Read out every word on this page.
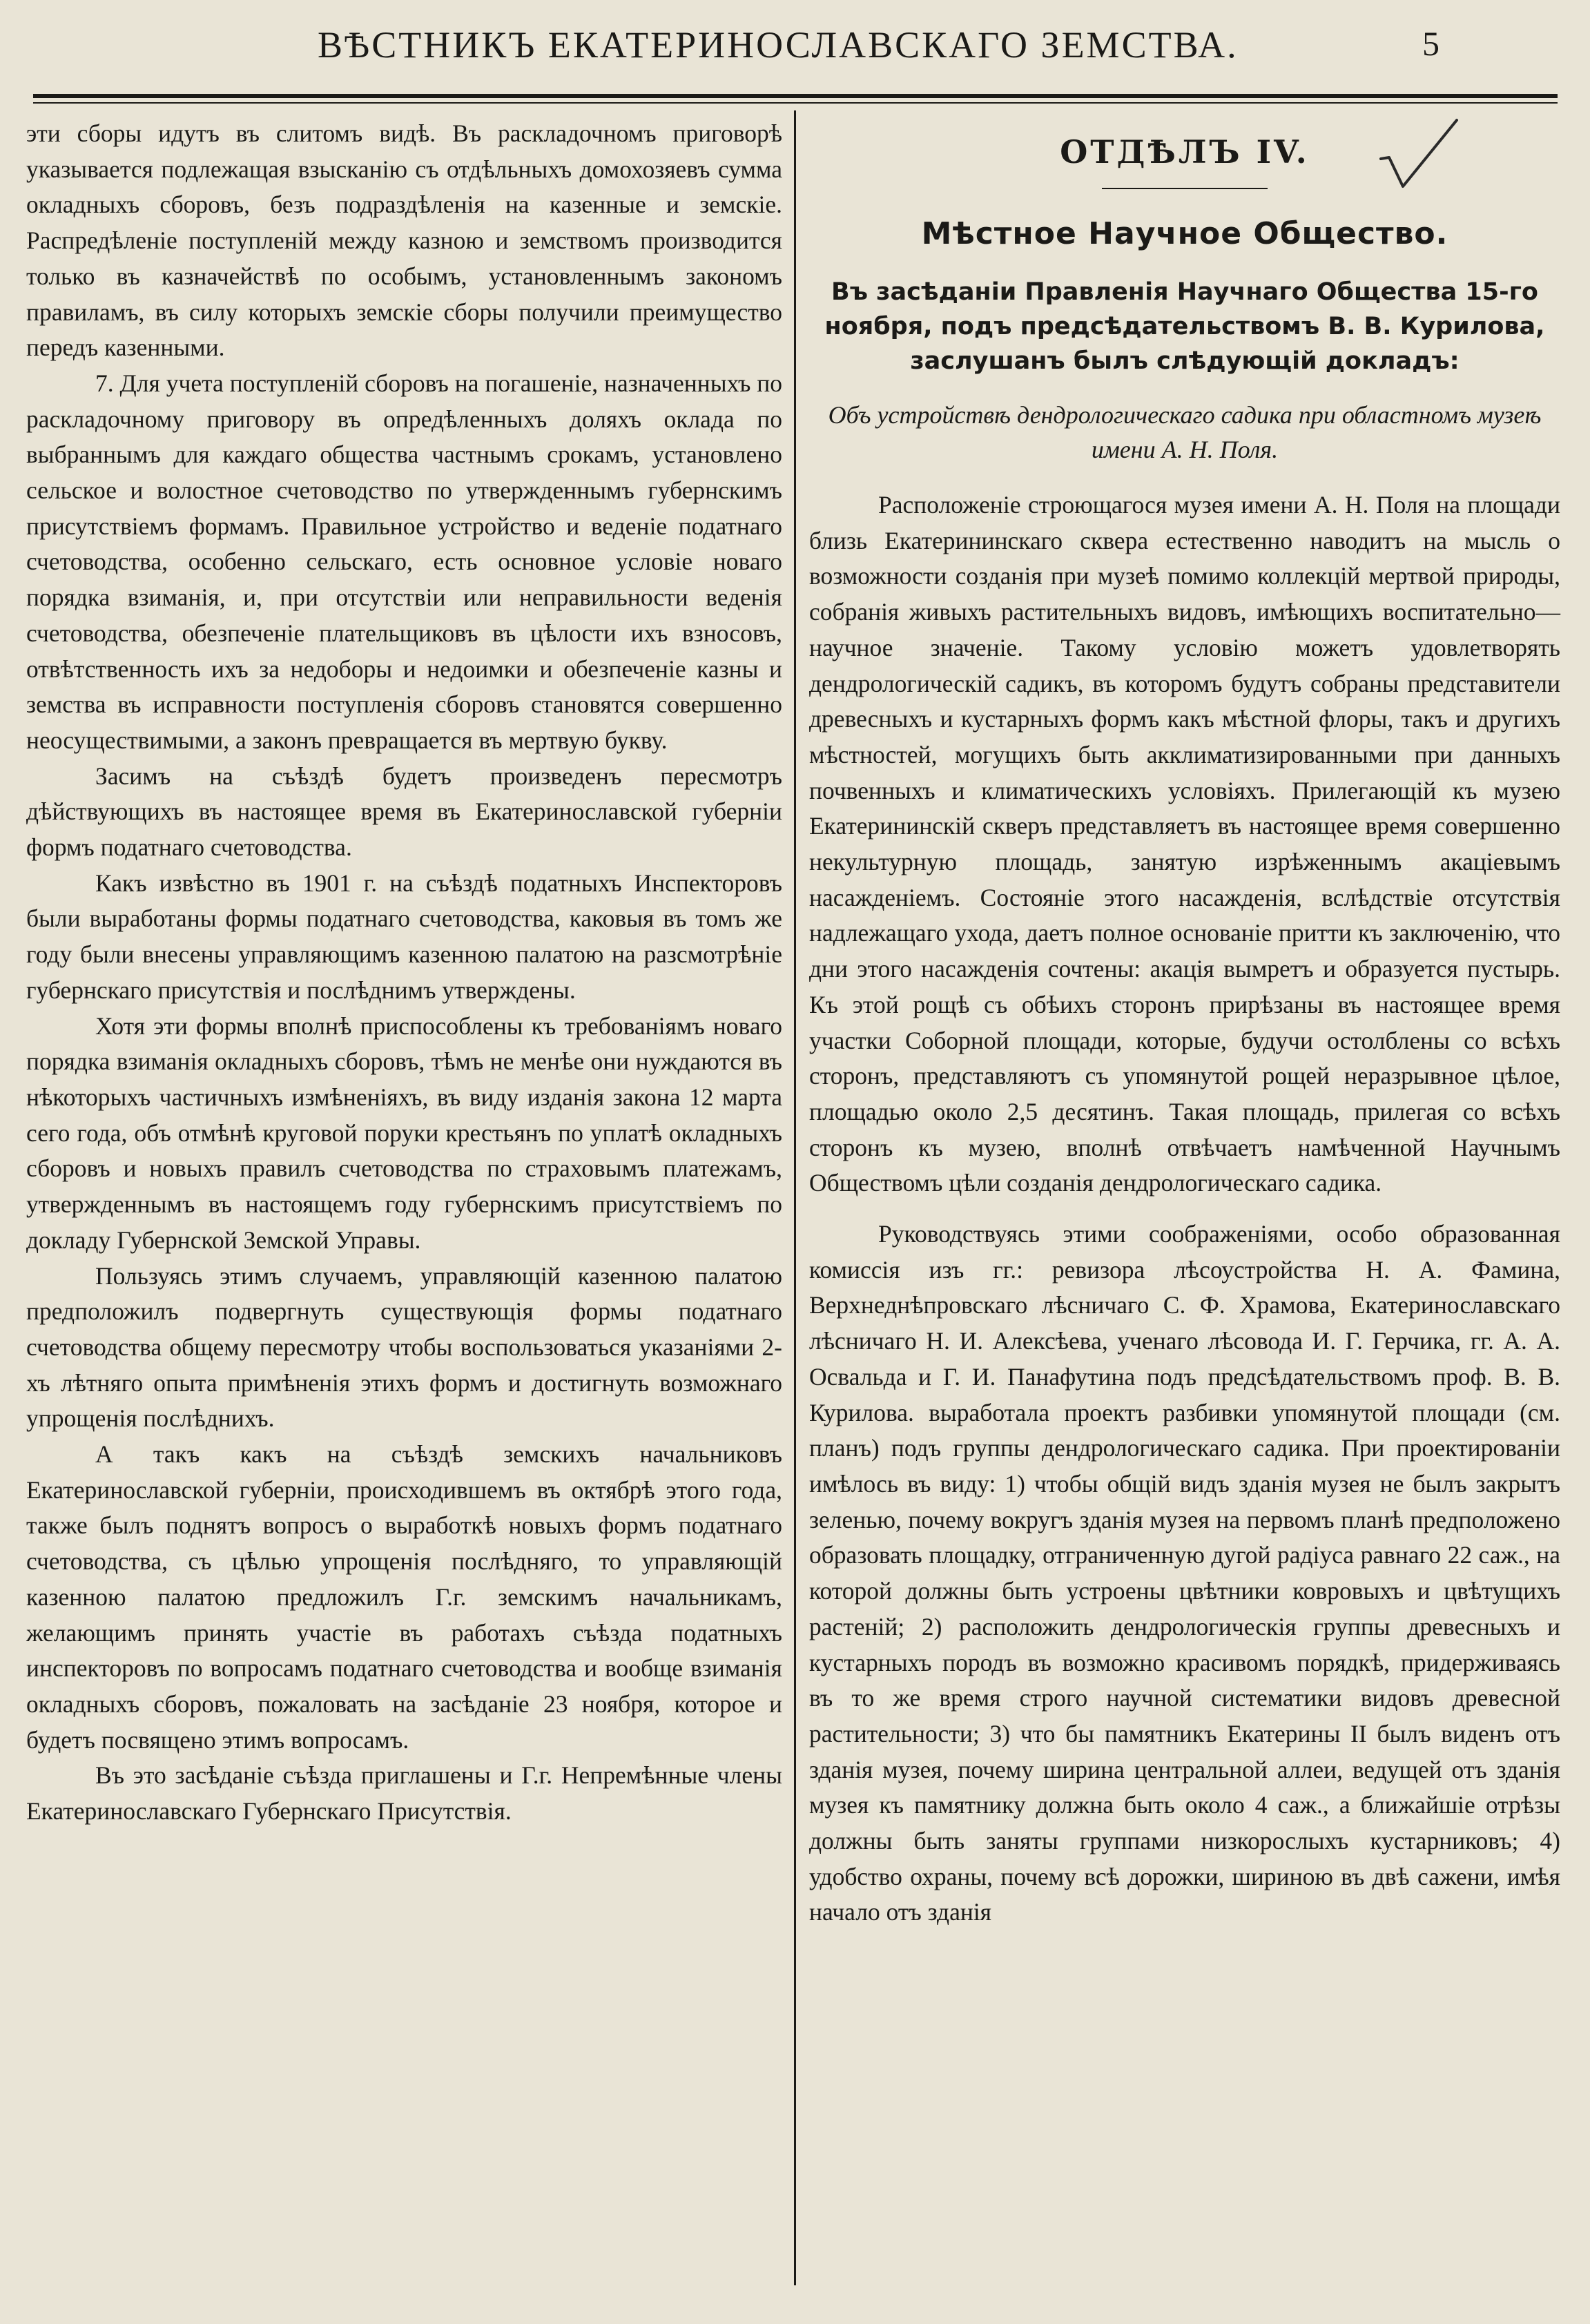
ВѢСТНИКЪ ЕКАТЕРИНОСЛАВСКАГО ЗЕМСТВА.	5

эти сборы идутъ въ слитомъ видѣ. Въ раскладочномъ приговорѣ указывается подлежащая взысканію съ отдѣльныхъ домохозяевъ сумма окладныхъ сборовъ, безъ подраздѣленія на казенные и земскіе. Распредѣленіе поступленій между казною и земствомъ производится только въ казначействѣ по особымъ, установленнымъ закономъ правиламъ, въ силу которыхъ земскіе сборы получили преимущество передъ казенными.

7. Для учета поступленій сборовъ на погашеніе, назначенныхъ по раскладочному приговору въ опредѣленныхъ доляхъ оклада по выбраннымъ для каждаго общества частнымъ срокамъ, установлено сельское и волостное счетоводство по утвержденнымъ губернскимъ присутствіемъ формамъ. Правильное устройство и веденіе податнаго счетоводства, особенно сельскаго, есть основное условіе новаго порядка взиманія, и, при отсутствіи или неправильности веденія счетоводства, обезпеченіе плательщиковъ въ цѣлости ихъ взносовъ, отвѣтственность ихъ за недоборы и недоимки и обезпеченіе казны и земства въ исправности поступленія сборовъ становятся совершенно неосуществимыми, а законъ превращается въ мертвую букву.

Засимъ на съѣздѣ будетъ произведенъ пересмотръ дѣйствующихъ въ настоящее время въ Екатеринославской губерніи формъ податнаго счетоводства.

Какъ извѣстно въ 1901 г. на съѣздѣ податныхъ Инспекторовъ были выработаны формы податнаго счетоводства, каковыя въ томъ же году были внесены управляющимъ казенною палатою на разсмотрѣніе губернскаго присутствія и послѣднимъ утверждены.

Хотя эти формы вполнѣ приспособлены къ требованіямъ новаго порядка взиманія окладныхъ сборовъ, тѣмъ не менѣе они нуждаются въ нѣкоторыхъ частичныхъ измѣненіяхъ, въ виду изданія закона 12 марта сего года, объ отмѣнѣ круговой поруки крестьянъ по уплатѣ окладныхъ сборовъ и новыхъ правилъ счетоводства по страховымъ платежамъ, утвержденнымъ въ настоящемъ году губернскимъ присутствіемъ по докладу Губернской Земской Управы.

Пользуясь этимъ случаемъ, управляющій казенною палатою предположилъ подвергнуть существующія формы податнаго счетоводства общему пересмотру чтобы воспользоваться указаніями 2-хъ лѣтняго опыта примѣненія этихъ формъ и достигнуть возможнаго упрощенія послѣднихъ.

А такъ какъ на съѣздѣ земскихъ начальниковъ Екатеринославской губерніи, происходившемъ въ октябрѣ этого года, также былъ поднятъ вопросъ о выработкѣ новыхъ формъ податнаго счетоводства, съ цѣлью упрощенія послѣдняго, то управляющій казенною палатою предложилъ Г.г. земскимъ начальникамъ, желающимъ принять участіе въ работахъ съѣзда податныхъ инспекторовъ по вопросамъ податнаго счетоводства и вообще взиманія окладныхъ сборовъ, пожаловать на засѣданіе 23 ноября, которое и будетъ посвящено этимъ вопросамъ.

Въ это засѣданіе съѣзда приглашены и Г.г. Непремѣнные члены Екатеринославскаго Губернскаго Присутствія.

ОТДѢЛЪ IV.
Мѣстное Научное Общество.
Въ засѣданіи Правленія Научнаго Общества 15-го ноября, подъ предсѣдательствомъ В. В. Курилова, заслушанъ былъ слѣдующій докладъ:
Объ устройствѣ дендрологическаго садика при областномъ музеѣ имени А. Н. Поля.

Расположеніе строющагося музея имени А. Н. Поля на площади близь Екатерининскаго сквера естественно наводитъ на мысль о возможности созданія при музеѣ помимо коллекцій мертвой природы, собранія живыхъ растительныхъ видовъ, имѣющихъ воспитательно—научное значеніе. Такому условію можетъ удовлетворять дендрологическій садикъ, въ которомъ будутъ собраны представители древесныхъ и кустарныхъ формъ какъ мѣстной флоры, такъ и другихъ мѣстностей, могущихъ быть акклиматизированными при данныхъ почвенныхъ и климатическихъ условіяхъ. Прилегающій къ музею Екатерининскій скверъ представляетъ въ настоящее время совершенно некультурную площадь, занятую изрѣженнымъ акацiевымъ насажденіемъ. Состояніе этого насажденія, вслѣдствіе отсутствія надлежащаго ухода, даетъ полное основаніе притти къ заключенію, что дни этого насажденія сочтены: акація вымретъ и образуется пустырь. Къ этой рощѣ съ обѣихъ сторонъ прирѣзаны въ настоящее время участки Соборной площади, которые, будучи остолблены со всѣхъ сторонъ, представляютъ съ упомянутой рощей неразрывное цѣлое, площадью около 2,5 десятинъ. Такая площадь, прилегая со всѣхъ сторонъ къ музею, вполнѣ отвѣчаетъ намѣченной Научнымъ Обществомъ цѣли созданія дендрологическаго садика.

Руководствуясь этими соображеніями, особо образованная комиссія изъ гг.: ревизора лѣсоустройства Н. А. Фамина, Верхнеднѣпровскаго лѣсничаго С. Ф. Храмова, Екатеринославскаго лѣсничаго Н. И. Алексѣева, ученаго лѣсовода И. Г. Герчика, гг. А. А. Освальда и Г. И. Панафутина подъ предсѣдательствомъ проф. В. В. Курилова. выработала проектъ разбивки упомянутой площади (см. планъ) подъ группы дендрологическаго садика. При проектированіи имѣлось въ виду: 1) чтобы общій видъ зданія музея не былъ закрытъ зеленью, почему вокругъ зданія музея на первомъ планѣ предположено образовать площадку, отграниченную дугой радіуса равнаго 22 саж., на которой должны быть устроены цвѣтники ковровыхъ и цвѣтущихъ растеній; 2) расположить дендрологическія группы древесныхъ и кустарныхъ породъ въ возможно красивомъ порядкѣ, придерживаясь въ то же время строго научной систематики видовъ древесной растительности; 3) что бы памятникъ Екатерины II былъ виденъ отъ зданія музея, почему ширина центральной аллеи, ведущей отъ зданія музея къ памятнику должна быть около 4 саж., а ближайшіе отрѣзы должны быть заняты группами низкорослыхъ кустарниковъ; 4) удобство охраны, почему всѣ дорожки, шириною въ двѣ сажени, имѣя начало отъ зданія
